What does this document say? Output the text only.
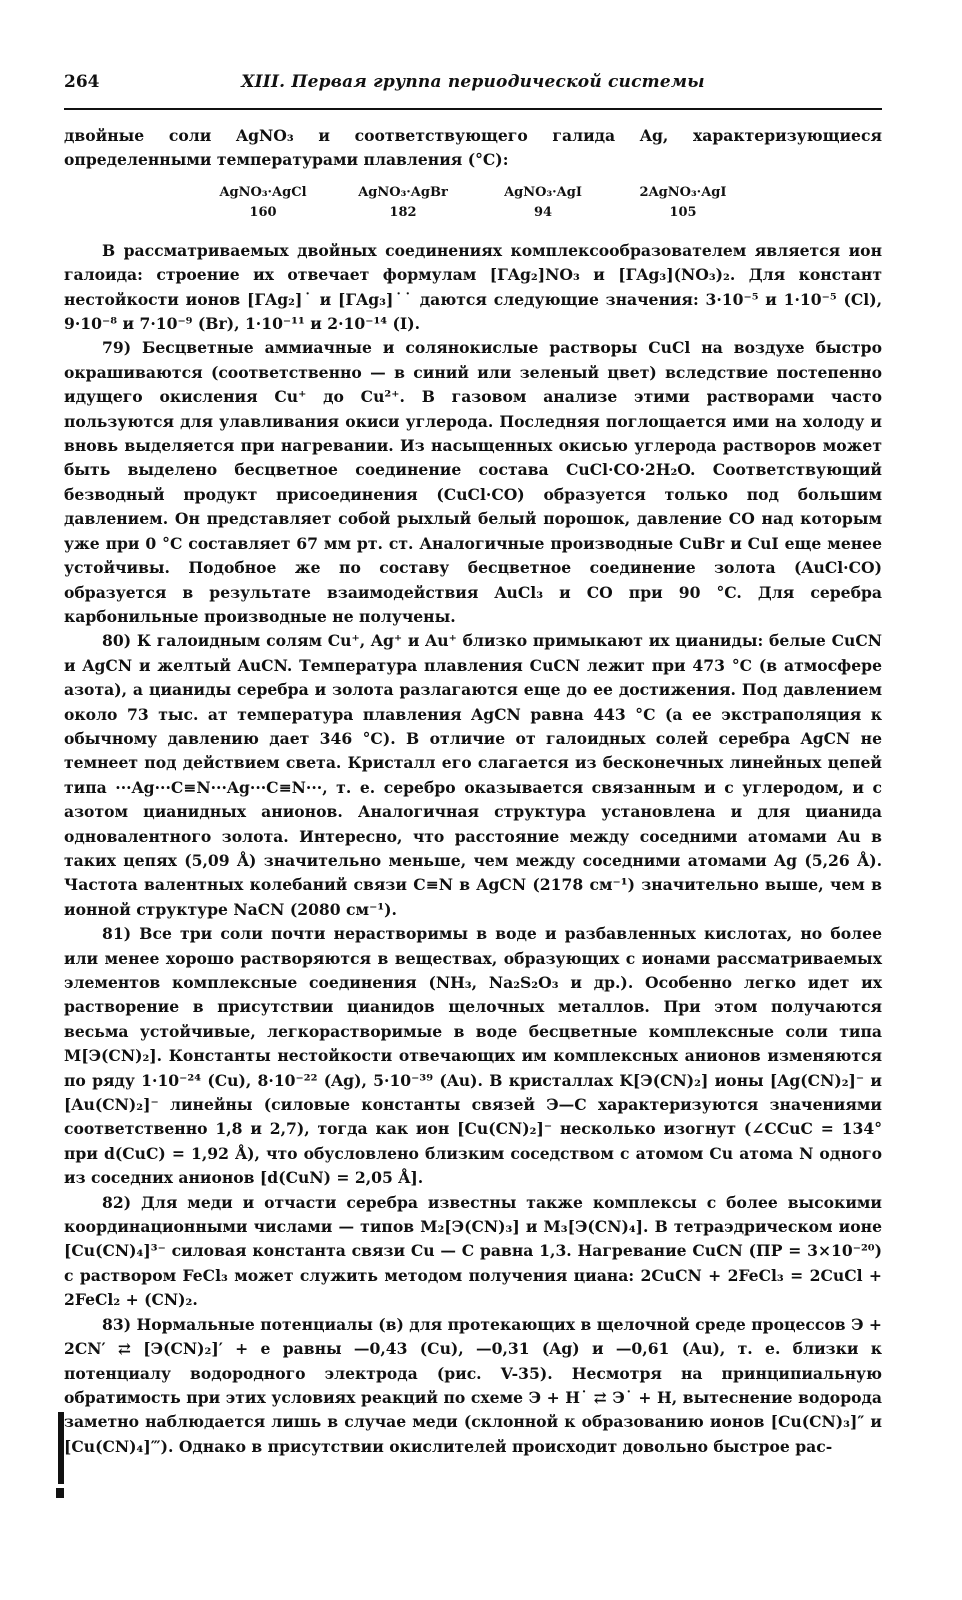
264	XIII. Первая группа периодической системы

двойные соли AgNO₃ и соответствующего галида Ag, характеризующиеся определенными температурами плавления (°C):

AgNO₃·AgCl	AgNO₃·AgBr	AgNO₃·AgI	2AgNO₃·AgI
160	182	94	105

В рассматриваемых двойных соединениях комплексообразователем является ион галоида: строение их отвечает формулам [ГAg₂]NO₃ и [ГAg₃](NO₃)₂. Для констант нестойкости ионов [ГAg₂]˙ и [ГAg₃]˙˙ даются следующие значения: 3·10⁻⁵ и 1·10⁻⁵ (Cl), 9·10⁻⁸ и 7·10⁻⁹ (Br), 1·10⁻¹¹ и 2·10⁻¹⁴ (I).

79) Бесцветные аммиачные и солянокислые растворы CuCl на воздухе быстро окрашиваются (соответственно — в синий или зеленый цвет) вследствие постепенно идущего окисления Cu⁺ до Cu²⁺. В газовом анализе этими растворами часто пользуются для улавливания окиси углерода. Последняя поглощается ими на холоду и вновь выделяется при нагревании. Из насыщенных окисью углерода растворов может быть выделено бесцветное соединение состава CuCl·CO·2H₂O. Соответствующий безводный продукт присоединения (CuCl·CO) образуется только под большим давлением. Он представляет собой рыхлый белый порошок, давление CO над которым уже при 0 °C составляет 67 мм рт. ст. Аналогичные производные CuBr и CuI еще менее устойчивы. Подобное же по составу бесцветное соединение золота (AuCl·CO) образуется в результате взаимодействия AuCl₃ и CO при 90 °C. Для серебра карбонильные производные не получены.

80) К галоидным солям Cu⁺, Ag⁺ и Au⁺ близко примыкают их цианиды: белые CuCN и AgCN и желтый AuCN. Температура плавления CuCN лежит при 473 °C (в атмосфере азота), а цианиды серебра и золота разлагаются еще до ее достижения. Под давлением около 73 тыс. ат температура плавления AgCN равна 443 °C (а ее экстраполяция к обычному давлению дает 346 °C). В отличие от галоидных солей серебра AgCN не темнеет под действием света. Кристалл его слагается из бесконечных линейных цепей типа ···Ag···C≡N···Ag···C≡N···, т. е. серебро оказывается связанным и с углеродом, и с азотом цианидных анионов. Аналогичная структура установлена и для цианида одновалентного золота. Интересно, что расстояние между соседними атомами Au в таких цепях (5,09 Å) значительно меньше, чем между соседними атомами Ag (5,26 Å). Частота валентных колебаний связи C≡N в AgCN (2178 см⁻¹) значительно выше, чем в ионной структуре NaCN (2080 см⁻¹).

81) Все три соли почти нерастворимы в воде и разбавленных кислотах, но более или менее хорошо растворяются в веществах, образующих с ионами рассматриваемых элементов комплексные соединения (NH₃, Na₂S₂O₃ и др.). Особенно легко идет их растворение в присутствии цианидов щелочных металлов. При этом получаются весьма устойчивые, легкорастворимые в воде бесцветные комплексные соли типа M[Э(CN)₂]. Константы нестойкости отвечающих им комплексных анионов изменяются по ряду 1·10⁻²⁴ (Cu), 8·10⁻²² (Ag), 5·10⁻³⁹ (Au). В кристаллах K[Э(CN)₂] ионы [Ag(CN)₂]⁻ и [Au(CN)₂]⁻ линейны (силовые константы связей Э—C характеризуются значениями соответственно 1,8 и 2,7), тогда как ион [Cu(CN)₂]⁻ несколько изогнут (∠CCuC = 134° при d(CuC) = 1,92 Å), что обусловлено близким соседством с атомом Cu атома N одного из соседних анионов [d(CuN) = 2,05 Å].

82) Для меди и отчасти серебра известны также комплексы с более высокими координационными числами — типов M₂[Э(CN)₃] и M₃[Э(CN)₄]. В тетраэдрическом ионе [Cu(CN)₄]³⁻ силовая константа связи Cu — C равна 1,3. Нагревание CuCN (ПР = 3×10⁻²⁰) с раствором FeCl₃ может служить методом получения циана: 2CuCN + 2FeCl₃ = 2CuCl + 2FeCl₂ + (CN)₂.

83) Нормальные потенциалы (в) для протекающих в щелочной среде процессов Э + 2CN′ ⇄ [Э(CN)₂]′ + e равны —0,43 (Cu), —0,31 (Ag) и —0,61 (Au), т. е. близки к потенциалу водородного электрода (рис. V-35). Несмотря на принципиальную обратимость при этих условиях реакций по схеме Э + H˙ ⇄ Э˙ + H, вытеснение водорода заметно наблюдается лишь в случае меди (склонной к образованию ионов [Cu(CN)₃]″ и [Cu(CN)₄]‴). Однако в присутствии окислителей происходит довольно быстрое рас-
